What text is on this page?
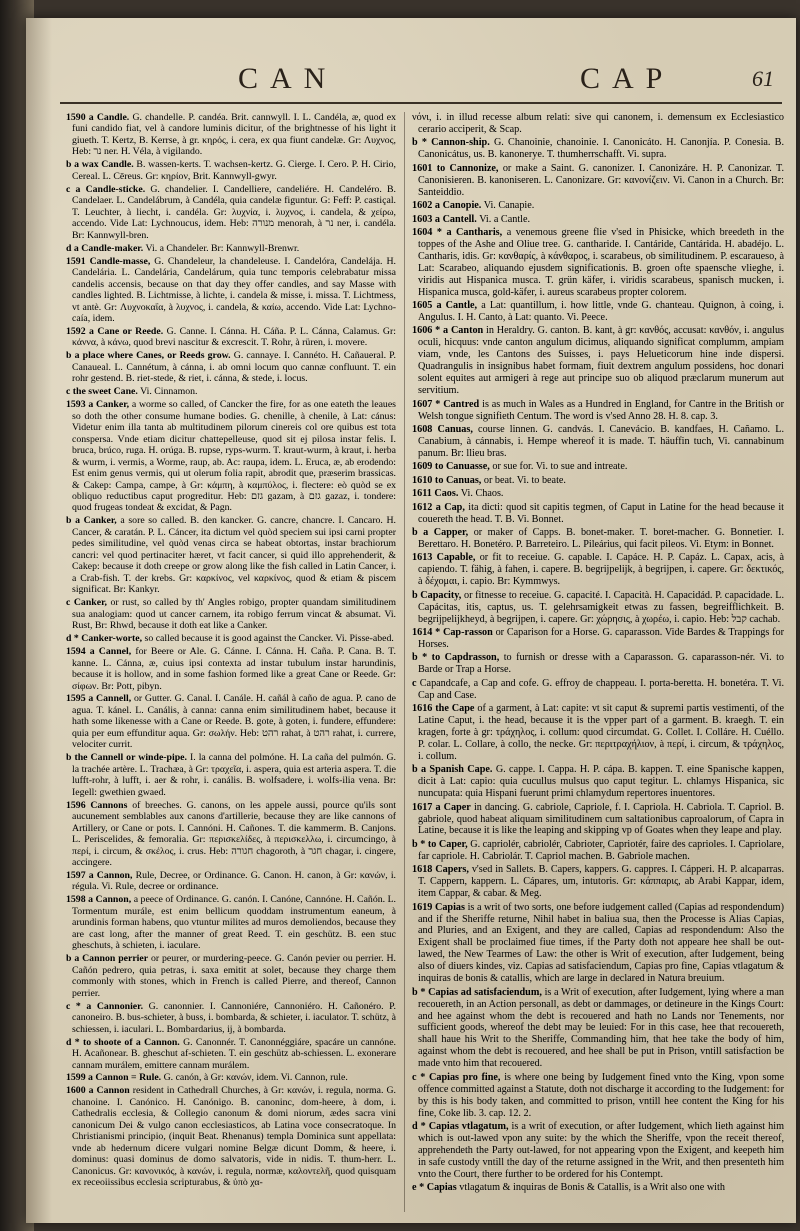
CAN	CAP	61

1590 a Candle. G. chandelle. P. candéa. Brit. cannwyll. I. L. Candéla, æ, quod ex funi candido fiat, vel à candore luminis dicitur, of the brightnesse of his light it giueth. T. Kertz, B. Kerrse, à gr. κηρός, i. cera, ex qua fiunt candelæ. Gr: Λυχνος, Heb: נר ner. H. Véla, à vigilando.

b a wax Candle. B. wassen-kerts. T. wachsen-kertz. G. Cierge. I. Cero. P. H. Cirio, Cereal. L. Cēreus. Gr: κηρίον, Brit. Kannwyll-gwyr.

c a Candle-sticke. G. chandelier. I. Candelliere, candeliére. H. Candeléro. B. Candelaer. L. Candelábrum, à Candéla, quia candelæ figuntur. G: Feff: P. castiçal. T. Leuchter, à liecht, i. candéla. Gr: λυχνία, i. λυχνος, i. candela, & χείρω, accendo. Vide Lat: Lychnoucus, idem. Heb: מנורה menorah, à נר ner, i. candéla. Br: Kannwyll-bren.

d a Candle-maker. Vi. a Chandeler. Br: Kannwyll-Brenwr.

1591 Candle-masse, G. Chandeleur, la chandeleuse. I. Candelóra, Candelája. H. Candelária. L. Candelária, Candelárum, quia tunc temporis celebrabatur missa candelis accensis, because on that day they offer candles, and say Masse with candles lighted. B. Lichtmisse, à lichte, i. candela & misse, i. missa. T. Lichtmess, vt antè. Gr: Λυχνοκαΐα, à λυχνος, i. candela, & καίω, accendo. Vide Lat: Lychno-caía, idem.

1592 a Cane or Reede. G. Canne. I. Cánna. H. Cáña. P. L. Cánna, Calamus. Gr: κάννα, à κάνω, quod brevi nascitur & excrescit. T. Rohr, à rüren, i. movere.

b a place where Canes, or Reeds grow. G. cannaye. I. Cannéto. H. Cañaueral. P. Canaueal. L. Cannétum, à cánna, i. ab omni locum quo cannæ confluunt. T. ein rohr gestend. B. riet-stede, & riet, i. cánna, & stede, i. locus.

c the sweet Cane. Vi. Cinnamon.

1593 a Canker, a worme so called, of Cancker the fire, for as one eateth the leaues so doth the other consume humane bodies. G. chenille, à chenile, à Lat: cánus: Videtur enim illa tanta ab multitudinem pilorum cinereis col ore quibus est tota conspersa. Vnde etiam dicitur chattepelleuse, quod sit ej pilosa instar felis. I. bruca, brúco, ruga. H. orúga. B. rupse, ryps-wurm. T. kraut-wurm, à kraut, i. herba & wurm, i. vermis, a Worme, raup, ab. Ac: raupa, idem. L. Eruca, æ, ab erodendo: Est enim genus vermis, qui ut olerum folia rapit, abrodit que, præserim brassicas. & Cakep: Campa, campe, à Gr: κάμπη, à καμπύλος, i. flectere: eò quòd se ex obliquo reductibus caput progreditur. Heb: גזם gazam, à גזם gazaz, i. tondere: quod frugeas tondeat & excidat, & Pagn.

b a Canker, a sore so called. B. den kancker. G. cancre, chancre. I. Cancaro. H. Cancer, & caratán. P. L. Cáncer, ita dictum vel quòd speciem sui ipsi carni propter pedes similitudine, vel quòd venas circa se habeat obtortas, instar brachiorum cancri: vel quod pertinaciter hæret, vt facit cancer, si quid illo apprehenderit, & Cakep: because it doth creepe or grow along like the fish called in Latin Cancer, i. a Crab-fish. T. der krebs. Gr: καρκίνος, vel καρκίνος, quod & etiam & piscem significat. Br: Kankyr.

c Canker, or rust, so called by th' Angles robigo, propter quandam similitudinem sua analogiam: quod ut cancer carnem, ita robigo ferrum vincat & absumat. Vi. Rust, Br: Rhwd, because it doth eat like a Canker.

d * Canker-worte, so called because it is good against the Cancker. Vi. Pisse-abed.

1594 a Cannel, for Beere or Ale. G. Cánne. I. Cánna. H. Caña. P. Cana. B. T. kanne. L. Cánna, æ, cuius ipsi contexta ad instar tubulum instar harundinis, because it is hollow, and in some fashion formed like a great Cane or Reede. Gr: σίφων. Br: Pott, pibyn.

1595 a Cannell, or Gutter. G. Canal. I. Canále. H. cañál à caño de agua. P. cano de agua. T. kánel. L. Canális, à canna: canna enim similitudinem habet, because it hath some likenesse with a Cane or Reede. B. gote, à goten, i. fundere, effundere: quia per eum effunditur aqua. Gr: σωλήν. Heb: רהט rahat, à רהט rahat, i. currere, velociter currit.

b the Cannell or winde-pipe. I. la canna del polmóne. H. La caña del pulmón. G. la trachée artère. L. Trachæa, à Gr: τραχεῖα, i. aspera, quia est arteria aspera. T. die lufft-rohr, à lufft, i. aer & rohr, i. canális. B. wolfsadere, i. wolfs-ilia vena. Br: Iegell: gwethien gwaed.

1596 Cannons of breeches. G. canons, on les appele aussi, pource qu'ils sont aucunement semblables aux canons d'artillerie, because they are like cannons of Artillery, or Cane or pots. I. Cannóni. H. Cañones. T. die kammerm. B. Canjons. L. Periscelides, & femoralia. Gr: περισκελίδες, à περισκελλω, i. circumcingo, à περί, i. circum, & σκέλος, i. crus. Heb: חגורה chagoroth, à חגר chagar, i. cingere, accingere.

1597 a Cannon, Rule, Decree, or Ordinance. G. Canon. H. canon, à Gr: κανών, i. régula. Vi. Rule, decree or ordinance.

1598 a Cannon, a peece of Ordinance. G. canón. I. Canóne, Cannóne. H. Cañón. L. Tormentum murále, est enim bellicum quoddam instrumentum eaneum, à arundinis forman habens, quo vtuntur milites ad muros demoliendos, because they are cast long, after the manner of great Reed. T. ein geschütz. B. een stuc gheschuts, à schieten, i. iaculare.

b a Cannon perrier or peurer, or murdering-peece. G. Canón pevier ou perrier. H. Cañón pedrero, quia petras, i. saxa emitit at solet, because they charge them commonly with stones, which in French is called Pierre, and thereof, Cannon perrier.

c * a Cannonier. G. canonnier. I. Cannoniére, Cannoniéro. H. Cañonéro. P. canoneiro. B. bus-schieter, à buss, i. bombarda, & schieter, i. iaculator. T. schütz, à schiessen, i. iaculari. L. Bombardarius, ij, à bombarda.

d * to shoote of a Cannon. G. Canonnér. T. Canonnéggiáre, spacáre un cannóne. H. Acañonear. B. gheschut af-schieten. T. ein geschütz ab-schiessen. L. exonerare cannam murálem, emittere cannam murálem.

1599 a Cannon = Rule. G. canón, à Gr: κανών, idem. Vi. Cannon, rule.

1600 a Cannon resident in Cathedrall Churches, à Gr: κανών, i. regula, norma. G. chanoine. I. Canónico. H. Canónigo. B. canoninc, dom-heere, à dom, i. Cathedralis ecclesia, & Collegio canonum & domi niorum, ædes sacra vini canonicum Dei & vulgo canon ecclesiasticos, ab Latina voce consecratoque. In Christianismi principio, (inquit Beat. Rhenanus) templa Dominica sunt appellata: vnde ab hedernum dicere vulgari nomine Belgæ dicunt Domm, & heere, i. dominus: quasi dominus de domo salvatoris, vide in nidis. T. thum-herr. L. Canonicus. Gr: κανονικός, à κανών, i. regula, normæ, καλοντελῆ, quod quisquam ex receoiissibus ecclesia scripturabus, & ὑπὸ χα-

νόνι, i. in illud recesse album relati: sive qui canonem, i. demensum ex Ecclesiastico cerario acciperit, & Scap.

b * Cannon-ship. G. Chanoinie, chanoinie. I. Canonicáto. H. Canonjía. P. Conesia. B. Canonicátus, us. B. kanonerye. T. thumherrschafft. Vi. supra.

1601 to Cannonize, or make a Saint. G. canonizer. I. Canonizáre. H. P. Canonizar. T. Canonisieren. B. kanoniseren. L. Canonizare. Gr: κανονίζειν. Vi. Canon in a Church. Br: Santeiddio.

1602 a Canopie. Vi. Canapie.

1603 a Cantell. Vi. a Cantle.

1604 * a Cantharis, a venemous greene flie v'sed in Phisicke, which breedeth in the toppes of the Ashe and Oliue tree. G. cantharide. I. Cantáride, Cantárida. H. abadéjo. L. Cantharis, idis. Gr: κανθαρίς, à κάνθαρος, i. scarabeus, ob similitudinem. P. escaraueso, à Lat: Scarabeo, aliquando ejusdem significationis. B. groen ofte spaensche vlieghe, i. viridis aut Hispanica musca. T. grün käfer, i. viridis scarabeus, spanisch mucken, i. Hispanica musca, gold-käfer, i. aureus scarabeus propter colorem.

1605 a Cantle, a Lat: quantillum, i. how little, vnde G. chanteau. Quignon, à coing, i. Angulus. I. H. Canto, à Lat: quanto. Vi. Peece.

1606 * a Canton in Heraldry. G. canton. B. kant, à gr: κανθός, accusat: κανθόν, i. angulus oculi, hicquus: vnde canton angulum dicimus, aliquando significat complumm, ampiam viam, vnde, les Cantons des Suisses, i. pays Helueticorum hine inde dispersi. Quadrangulis in insignibus habet formam, fiuit dextrem angulum possidens, hoc donari solent equites aut armigeri à rege aut principe suo ob aliquod præclarum munerum aut servitium.

1607 * Cantred is as much in Wales as a Hundred in England, for Cantre in the British or Welsh tongue signifieth Centum. The word is v'sed Anno 28. H. 8. cap. 3.

1608 Canuas, course linnen. G. candvás. I. Canevácio. B. kandfaes, H. Cañamo. L. Canabium, à cánnabis, i. Hempe whereof it is made. T. häuffin tuch, Vi. cannabinum panum. Br: llieu bras.

1609 to Canuasse, or sue for. Vi. to sue and intreate.

1610 to Canuas, or beat. Vi. to beate.

1611 Caos. Vi. Chaos.

1612 a Cap, ita dicti: quod sit capitis tegmen, of Caput in Latine for the head because it couereth the head. T. B. Vi. Bonnet.

b a Capper, or maker of Capps. B. bonet-maker. T. boret-macher. G. Bonnetier. I. Berettaro. H. Bonetéro. P. Barreteiro. L. Pileárius, qui facit pileos. Vi. Etym: in Bonnet.

1613 Capable, or fit to receiue. G. capable. I. Capáce. H. P. Capáz. L. Capax, acis, à capiendo. T. fähig, à fahen, i. capere. B. begrijpelijk, à begrijpen, i. capere. Gr: δεκτικός, à δέχομαι, i. capio. Br: Kymmwys.

b Capacity, or fitnesse to receiue. G. capacité. I. Capacità. H. Capacidád. P. capacidade. L. Capácitas, itis, captus, us. T. gelehrsamigkeit etwas zu fassen, begreifflichkeit. B. begrijpelijkheyd, à begrijpen, i. capere. Gr: χώρησις, à χωρέω, i. capio. Heb: קבל cachab.

1614 * Cap-rasson or Caparison for a Horse. G. caparasson. Vide Bardes & Trappings for Horses.

b * to Capdrasson, to furnish or dresse with a Caparasson. G. caparasson-nér. Vi. to Barde or Trap a Horse.

c Capandcafe, a Cap and cofe. G. effroy de chappeau. I. porta-beretta. H. bonetéra. T. Vi. Cap and Case.

1616 the Cape of a garment, à Lat: capite: vt sit caput & supremi partis vestimenti, of the Latine Caput, i. the head, because it is the vpper part of a garment. B. kraegh. T. ein kragen, forte à gr: τράχηλος, i. collum: quod circumdat. G. Collet. I. Colláre. H. Cuéllo. P. colar. L. Collare, à collo, the necke. Gr: περιτραχήλιον, à περί, i. circum, & τράχηλος, i. collum.

b a Spanish Cape. G. cappe. I. Cappa. H. P. cápa. B. kappen. T. eine Spanische kappen, dicit à Lat: capio: quia cucullus mulsus quo caput tegitur. L. chlamys Hispanica, sic nuncupata: quia Hispani fuerunt primi chlamydum repertores inuentores.

1617 a Caper in dancing. G. cabriole, Capriole, f. I. Capriola. H. Cabriola. T. Capriol. B. gabriole, quod habeat aliquam similitudinem cum saltationibus caproalorum, of Capra in Latine, because it is like the leaping and skipping vp of Goates when they leape and play.

b * to Caper, G. capriolér, cabriolér, Cabrioter, Capriotér, faire des caprioles. I. Capriolare, far capriole. H. Cabriolár. T. Capriol machen. B. Gabriole machen.

1618 Capers, v'sed in Sallets. B. Capers, kappers. G. cappres. I. Cápperi. H. P. alcaparras. T. Cappern, kappern. L. Cápares, um, intutoris. Gr: κάππαρις, ab Arabi Kappar, idem, item Cappar, & cabar. & Meg.

1619 Capias is a writ of two sorts, one before iudgement called (Capias ad respondendum) and if the Sheriffe returne, Nihil habet in baliua sua, then the Processe is Alias Capias, and Pluries, and an Exigent, and they are called, Capias ad respondendum: Also the Exigent shall be proclaimed fiue times, if the Party doth not appeare hee shall be out-lawed, the New Tearmes of Law: the other is Writ of execution, after Iudgement, being also of diuers kindes, viz. Capias ad satisfaciendum, Capias pro fine, Capias vtlagatum & inquiras de bonis & catallis, which are large in declared in Natura breuium.

b * Capias ad satisfaciendum, is a Writ of execution, after Iudgement, lying where a man recouereth, in an Action personall, as debt or dammages, or detineure in the Kings Court: and hee against whom the debt is recouered and hath no Lands nor Tenements, nor sufficient goods, whereof the debt may be leuied: For in this case, hee that recouereth, shall haue his Writ to the Sheriffe, Commanding him, that hee take the body of him, against whom the debt is recouered, and hee shall be put in Prison, vntill satisfaction be made vnto him that recouered.

c * Capias pro fine, is where one being by Iudgement fined vnto the King, vpon some offence committed against a Statute, doth not discharge it according to the Iudgement: for by this is his body taken, and committed to prison, vntill hee content the King for his fine, Coke lib. 3. cap. 12. 2.

d * Capias vtlagatum, is a writ of execution, or after Iudgement, which lieth against him which is out-lawed vpon any suite: by the which the Sheriffe, vpon the receit thereof, apprehendeth the Party out-lawed, for not appearing vpon the Exigent, and keepeth him in safe custody vntill the day of the returne assigned in the Writ, and then presenteth him vnto the Court, there further to be ordered for his Contempt.

e * Capias vtlagatum & inquiras de Bonis & Catallis, is a Writ also one with
